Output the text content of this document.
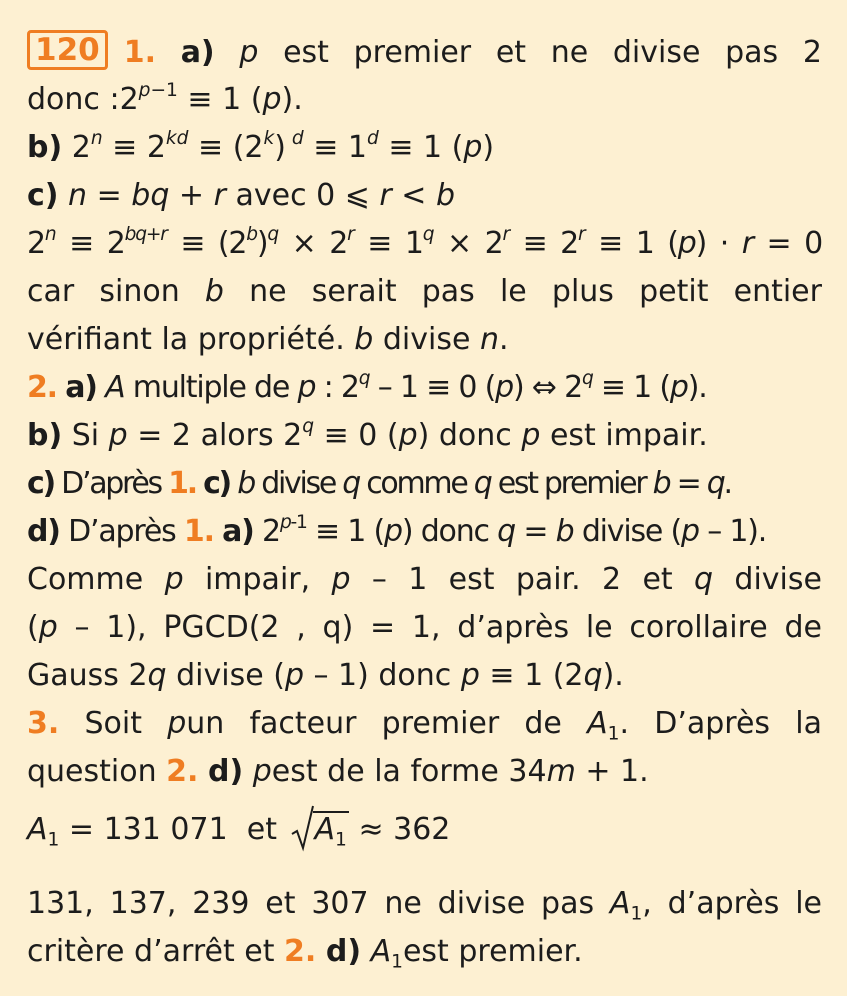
120 1. a) p est premier et ne divise pas 2
donc $:2^{p-1} \equiv 1$ (p).
b) $2^n \equiv 2^{kd} \equiv (2^k) ^d \equiv 1^d \equiv 1$ (p)
c) n = bq + r avec 0 ⩽ r < b
$2^n \equiv 2^{bq+r} \equiv (2^b)^q \times 2^r \equiv 1^q \times 2^r \equiv 2^r \equiv 1$ (p) · r = 0
car sinon b ne serait pas le plus petit entier
vérifiant la propriété. b divise n.
2. a) A multiple de p : 2$^q$ – 1 ≡ 0 (p) ⇔ $2^q \equiv 1$ (p).
b) Si p = 2 alors $2^q \equiv 0$ (p) donc p est impair.
c) D’après 1. c) b divise q comme q est premier b = q.
d) D’après 1. a) $2^{p-1} \equiv 1$ (p) donc q = b divise (p – 1).
Comme p impair, p – 1 est pair. 2 et q divise
(p – 1), PGCD(2 , q) = 1, d’après le corollaire de
Gauss 2q divise (p – 1) donc p ≡ 1 (2q).
3. Soit pun facteur premier de $A_1$. D’après la
question 2. d) pest de la forme 34m + 1.
$A_1 = 131$ 071 et $A_1 \approx 362$
131, 137, 239 et 307 ne divise pas $A_1$, d’après le
critère d’arrêt et 2. d) $A_1est$ premier.
